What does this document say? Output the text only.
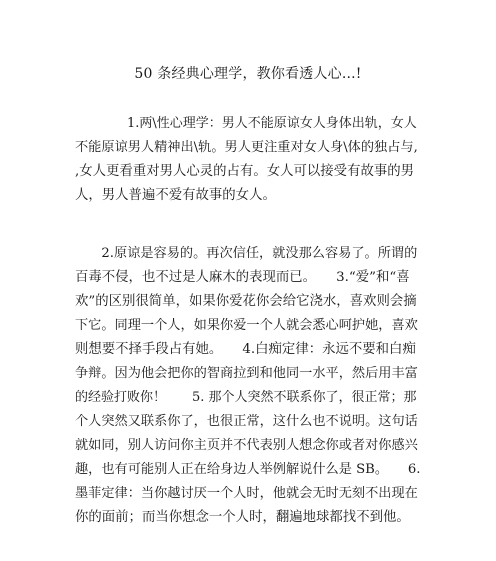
50 条经典心理学，教你看透人心...!
　　　　1.两\性心理学：男人不能原谅女人身体出轨，女人
不能原谅男人精神出\轨。男人更注重对女人身\体的独占与,
,女人更看重对男人心灵的占有。女人可以接受有故事的男
人，男人普遍不爱有故事的女人。
　　2.原谅是容易的。再次信任，就没那么容易了。所谓的
百毒不侵，也不过是人麻木的表现而已。　　3.“爱”和“喜
欢”的区别很简单，如果你爱花你会给它浇水，喜欢则会摘
下它。同理一个人，如果你爱一个人就会悉心呵护她，喜欢
则想要不择手段占有她。　　4.白痴定律：永远不要和白痴
争辩。因为他会把你的智商拉到和他同一水平，然后用丰富
的经验打败你！　　5. 那个人突然不联系你了，很正常；那
个人突然又联系你了，也很正常，这什么也不说明。这句话
就如同，别人访问你主页并不代表别人想念你或者对你感兴
趣，也有可能别人正在给身边人举例解说什么是 SB。　　6.
墨菲定律：当你越讨厌一个人时，他就会无时无刻不出现在
你的面前；而当你想念一个人时，翻遍地球都找不到他。
